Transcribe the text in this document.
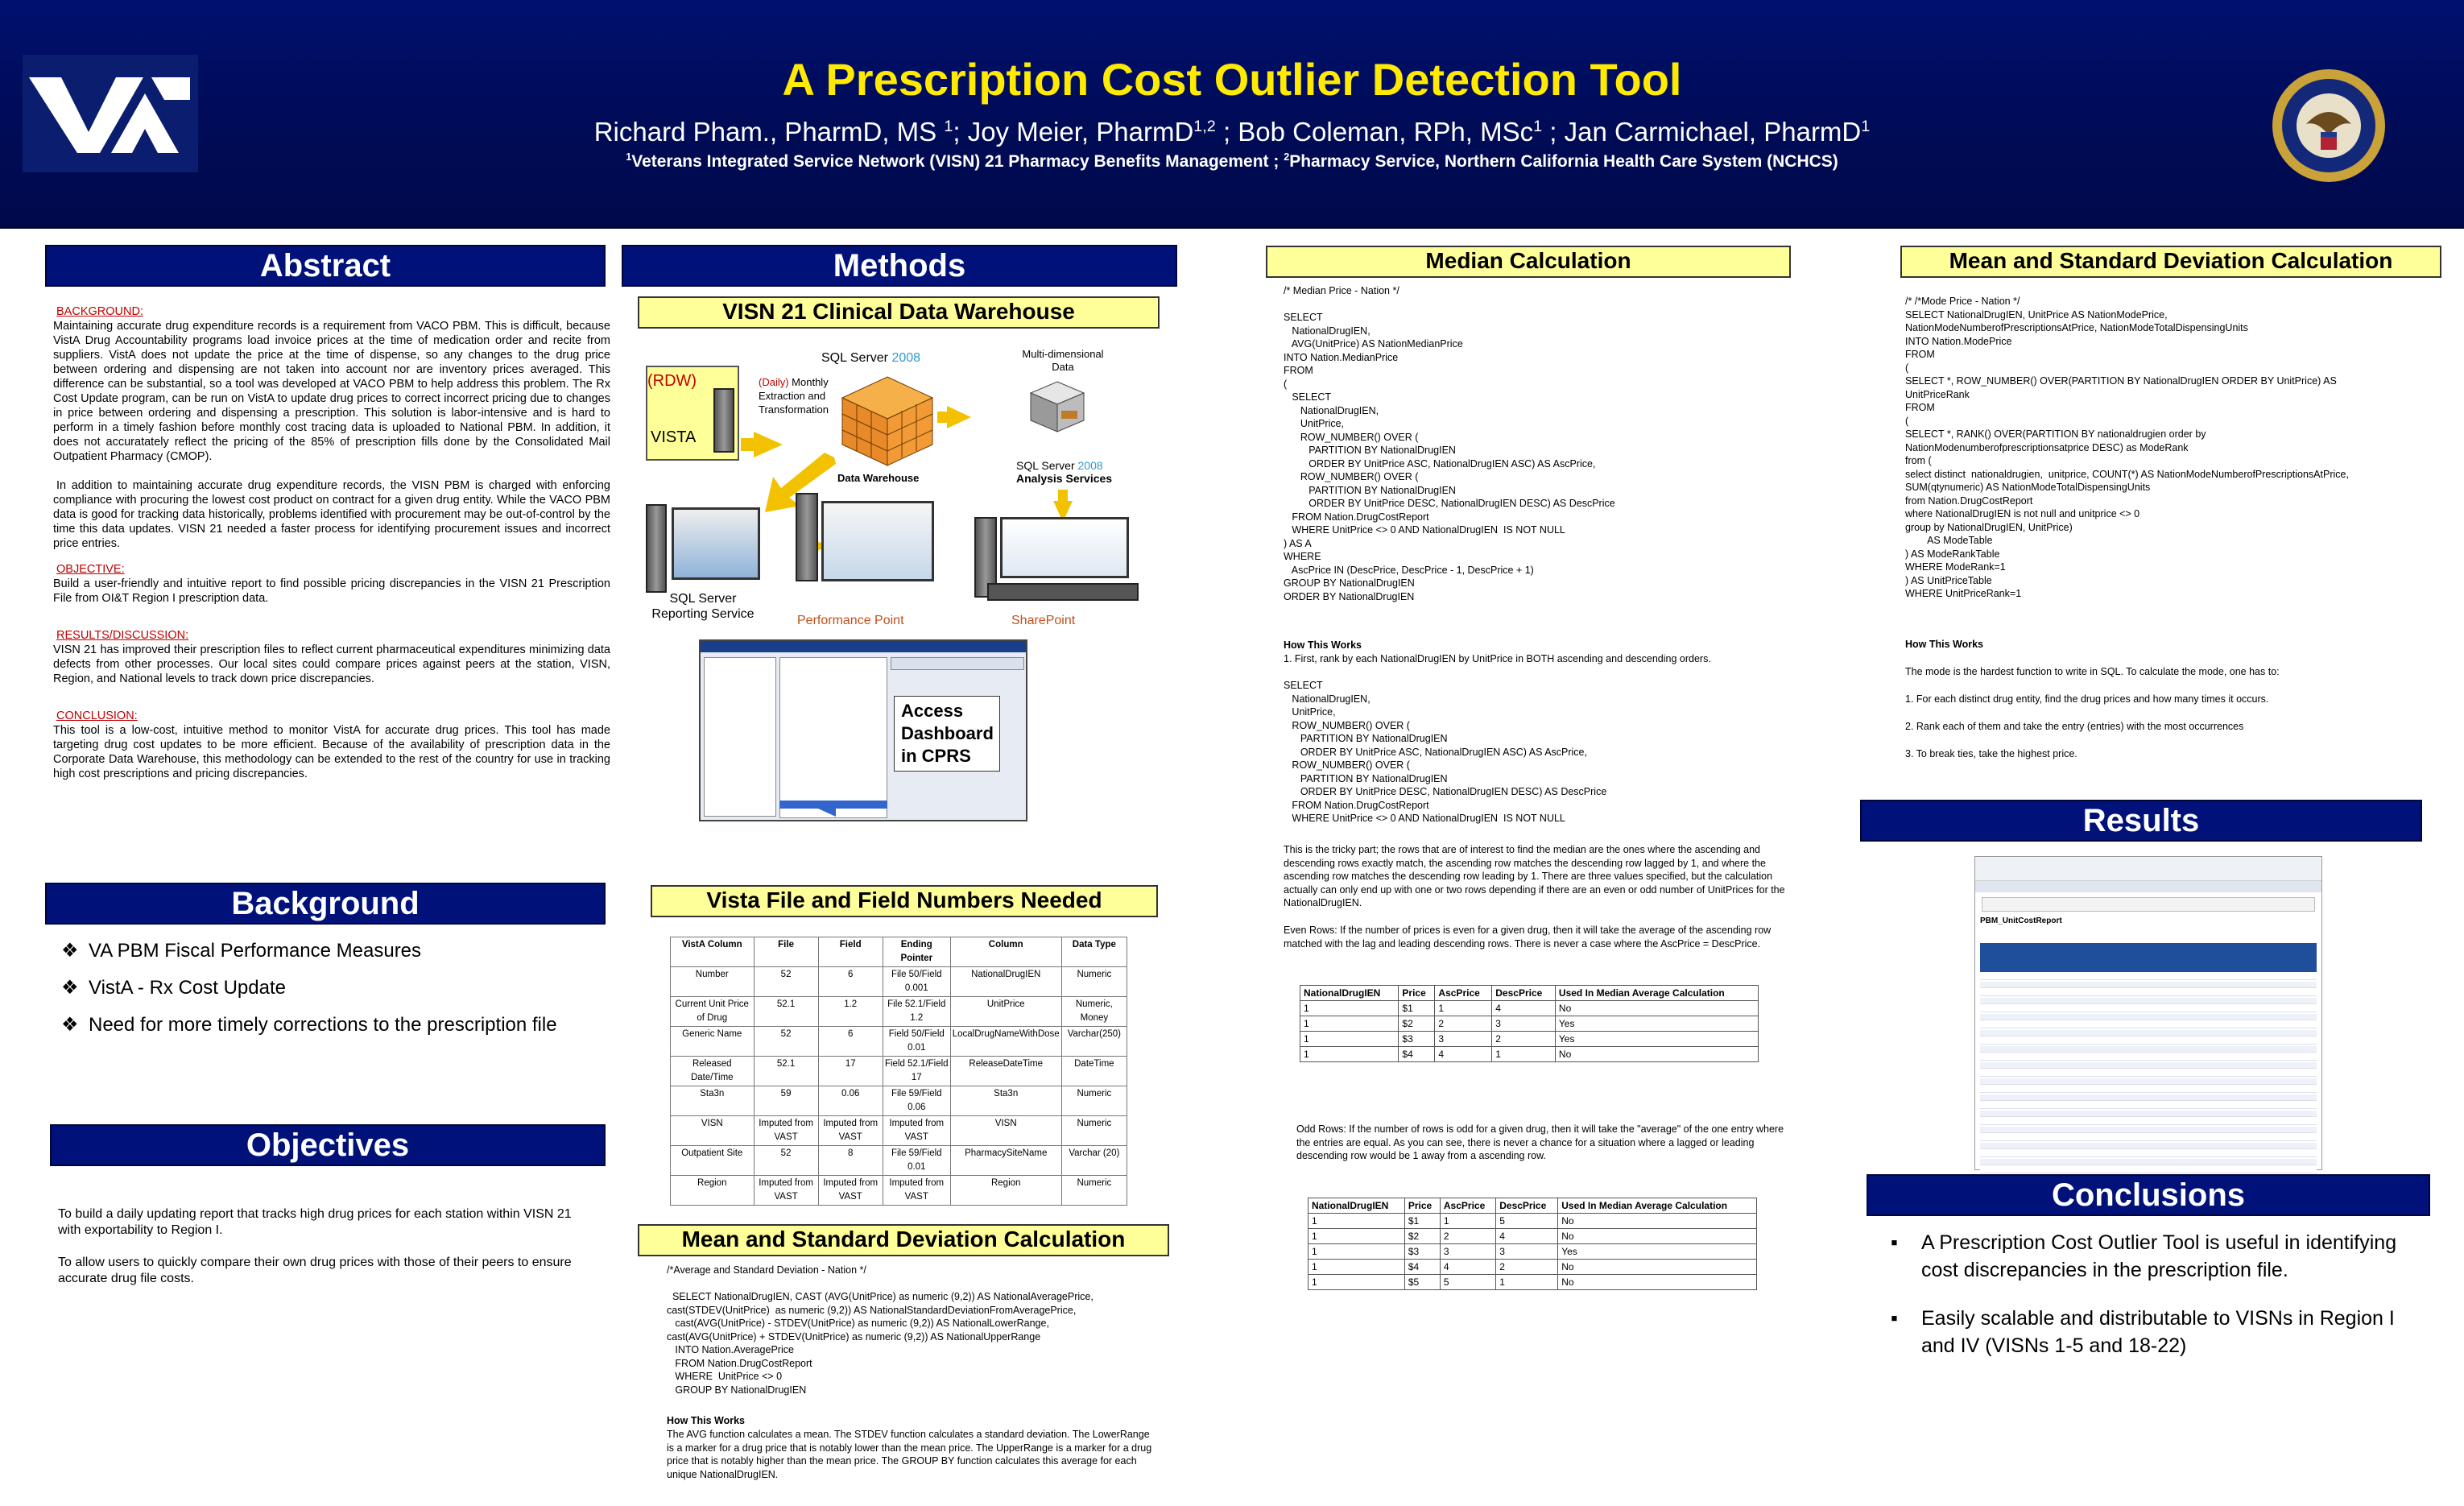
A Prescription Cost Outlier Detection Tool
Richard Pham., PharmD, MS $^1$; Joy Meier, PharmD$^{1,2}$ ; Bob Coleman, RPh, MSc$^1$ ; Jan Carmichael, PharmD$^1$
$^1$Veterans Integrated Service Network (VISN) 21 Pharmacy Benefits Management ; $^2$Pharmacy Service, Northern California Health Care System (NCHCS)
Abstract
BACKGROUND:
Maintaining accurate drug expenditure records is a requirement from VACO PBM. This is difficult, because VistA Drug Accountability programs load invoice prices at the time of medication order and recite from suppliers. VistA does not update the price at the time of dispense, so any changes to the drug price between ordering and dispensing are not taken into account nor are inventory prices averaged. This difference can be substantial, so a tool was developed at VACO PBM to help address this problem. The Rx Cost Update program, can be run on VistA to update drug prices to correct incorrect pricing due to changes in price between ordering and dispensing a prescription. This solution is labor-intensive and is hard to perform in a timely fashion before monthly cost tracing data is uploaded to National PBM. In addition, it does not accuratately reflect the pricing of the 85% of prescription fills done by the Consolidated Mail Outpatient Pharmacy (CMOP).
In addition to maintaining accurate drug expenditure records, the VISN PBM is charged with enforcing compliance with procuring the lowest cost product on contract for a given drug entity. While the VACO PBM data is good for tracking data historically, problems identified with procurement may be out-of-control by the time this data updates. VISN 21 needed a faster process for identifying procurement issues and incorrect price entries.
OBJECTIVE:
Build a user-friendly and intuitive report to find possible pricing discrepancies in the VISN 21 Prescription File from OI&T Region I prescription data.
RESULTS/DISCUSSION:
VISN 21 has improved their prescription files to reflect current pharmaceutical expenditures minimizing data defects from other processes. Our local sites could compare prices against peers at the station, VISN, Region, and National levels to track down price discrepancies.
CONCLUSION:
This tool is a low-cost, intuitive method to monitor VistA for accurate drug prices. This tool has made targeting drug cost updates to be more efficient. Because of the availability of prescription data in the Corporate Data Warehouse, this methodology can be extended to the rest of the country for use in tracking high cost prescriptions and pricing discrepancies.
Background
❖ VA PBM Fiscal Performance Measures
❖ VistA - Rx Cost Update
❖ Need for more timely corrections to the prescription file
Objectives
To build a daily updating report that tracks high drug prices for each station within VISN 21 with exportability to Region I.
To allow users to quickly compare their own drug prices with those of their peers to ensure accurate drug file costs.
Methods
VISN 21 Clinical Data Warehouse
(RDW)
VISTA
(Daily) Monthly Extraction and Transformation
SQL Server 2008
Data Warehouse
Multi-dimensional Data
SQL Server 2008
Analysis Services
SQL Server Reporting Service	Performance Point	SharePoint
Access Dashboard in CPRS
Vista File and Field Numbers Needed
VistA Column	File	Field	Ending Pointer	Column	Data Type
Number	52	6	File 50/Field 0.001	NationalDrugIEN	Numeric
Current Unit Price of Drug	52.1	1.2	File 52.1/Field 1.2	UnitPrice	Numeric, Money
Generic Name	52	6	Field 50/Field 0.01	LocalDrugNameWithDose	Varchar(250)
Released Date/Time	52.1	17	Field 52.1/Field 17	ReleaseDateTime	DateTime
Sta3n	59	0.06	File 59/Field 0.06	Sta3n	Numeric
VISN	Imputed from VAST	Imputed from VAST	Imputed from VAST	VISN	Numeric
Outpatient Site	52	8	File 59/Field 0.01	PharmacySiteName	Varchar (20)
Region	Imputed from VAST	Imputed from VAST	Imputed from VAST	Region	Numeric
Mean and Standard Deviation Calculation
/*Average and Standard Deviation - Nation */

SELECT NationalDrugIEN, CAST (AVG(UnitPrice) as numeric (9,2)) AS NationalAveragePrice,
cast(STDEV(UnitPrice)  as numeric (9,2)) AS NationalStandardDeviationFromAveragePrice,
cast(AVG(UnitPrice) - STDEV(UnitPrice) as numeric (9,2)) AS NationalLowerRange,
cast(AVG(UnitPrice) + STDEV(UnitPrice) as numeric (9,2)) AS NationalUpperRange
INTO Nation.AveragePrice
FROM Nation.DrugCostReport
WHERE  UnitPrice <> 0
GROUP BY NationalDrugIEN
How This Works
The AVG function calculates a mean. The STDEV function calculates a standard deviation. The LowerRange is a marker for a drug price that is notably lower than the mean price. The UpperRange is a marker for a drug price that is notably higher than the mean price. The GROUP BY function calculates this average for each unique NationalDrugIEN.
Median Calculation
/* Median Price - Nation */

SELECT
NationalDrugIEN,
AVG(UnitPrice) AS NationMedianPrice
INTO Nation.MedianPrice
FROM
(
SELECT
NationalDrugIEN,
UnitPrice,
ROW_NUMBER() OVER (
PARTITION BY NationalDrugIEN
ORDER BY UnitPrice ASC, NationalDrugIEN ASC) AS AscPrice,
ROW_NUMBER() OVER (
PARTITION BY NationalDrugIEN
ORDER BY UnitPrice DESC, NationalDrugIEN DESC) AS DescPrice
FROM Nation.DrugCostReport
WHERE UnitPrice <> 0 AND NationalDrugIEN  IS NOT NULL
) AS A
WHERE
AscPrice IN (DescPrice, DescPrice - 1, DescPrice + 1)
GROUP BY NationalDrugIEN
ORDER BY NationalDrugIEN
How This Works
1. First, rank by each NationalDrugIEN by UnitPrice in BOTH ascending and descending orders.
SELECT
NationalDrugIEN,
UnitPrice,
ROW_NUMBER() OVER (
PARTITION BY NationalDrugIEN
ORDER BY UnitPrice ASC, NationalDrugIEN ASC) AS AscPrice,
ROW_NUMBER() OVER (
PARTITION BY NationalDrugIEN
ORDER BY UnitPrice DESC, NationalDrugIEN DESC) AS DescPrice
FROM Nation.DrugCostReport
WHERE UnitPrice <> 0 AND NationalDrugIEN  IS NOT NULL
This is the tricky part; the rows that are of interest to find the median are the ones where the ascending and descending rows exactly match, the ascending row matches the descending row lagged by 1, and where the ascending row matches the descending row leading by 1. There are three values specified, but the calculation actually can only end up with one or two rows depending if there are an even or odd number of UnitPrices for the NationalDrugIEN.
Even Rows: If the number of prices is even for a given drug, then it will take the average of the ascending row matched with the lag and leading descending rows. There is never a case where the AscPrice = DescPrice.
NationalDrugIEN	Price	AscPrice	DescPrice	Used In Median Average Calculation
1	$1	1	4	No
1	$2	2	3	Yes
1	$3	3	2	Yes
1	$4	4	1	No
Odd Rows: If the number of rows is odd for a given drug, then it will take the "average" of the one entry where the entries are equal. As you can see, there is never a chance for a situation where a lagged or leading descending row would be 1 away from a ascending row.
NationalDrugIEN	Price	AscPrice	DescPrice	Used In Median Average Calculation
1	$1	1	5	No
1	$2	2	4	No
1	$3	3	3	Yes
1	$4	4	2	No
1	$5	5	1	No
Mean and Standard Deviation Calculation
/* /*Mode Price - Nation */
SELECT NationalDrugIEN, UnitPrice AS NationModePrice,
NationModeNumberofPrescriptionsAtPrice, NationModeTotalDispensingUnits
INTO Nation.ModePrice
FROM
(
SELECT *, ROW_NUMBER() OVER(PARTITION BY NationalDrugIEN ORDER BY UnitPrice) AS
UnitPriceRank
FROM
(
SELECT *, RANK() OVER(PARTITION BY nationaldrugien order by
NationModenumberofprescriptionsatprice DESC) as ModeRank
from (
select distinct  nationaldrugien,  unitprice, COUNT(*) AS NationModeNumberofPrescriptionsAtPrice,
SUM(qtynumeric) AS NationModeTotalDispensingUnits
from Nation.DrugCostReport
where NationalDrugIEN is not null and unitprice <> 0
group by NationalDrugIEN, UnitPrice)
AS ModeTable
) AS ModeRankTable
WHERE ModeRank=1
) AS UnitPriceTable
WHERE UnitPriceRank=1
How This Works
The mode is the hardest function to write in SQL. To calculate the mode, one has to:
1. For each distinct drug entity, find the drug prices and how many times it occurs.
2. Rank each of them and take the entry (entries) with the most occurrences
3. To break ties, take the highest price.
Results
PBM_UnitCostReport
Conclusions
▪ A Prescription Cost Outlier Tool is useful in identifying cost discrepancies in the prescription file.
▪ Easily scalable and distributable to VISNs in Region I and IV (VISNs 1-5 and 18-22)
